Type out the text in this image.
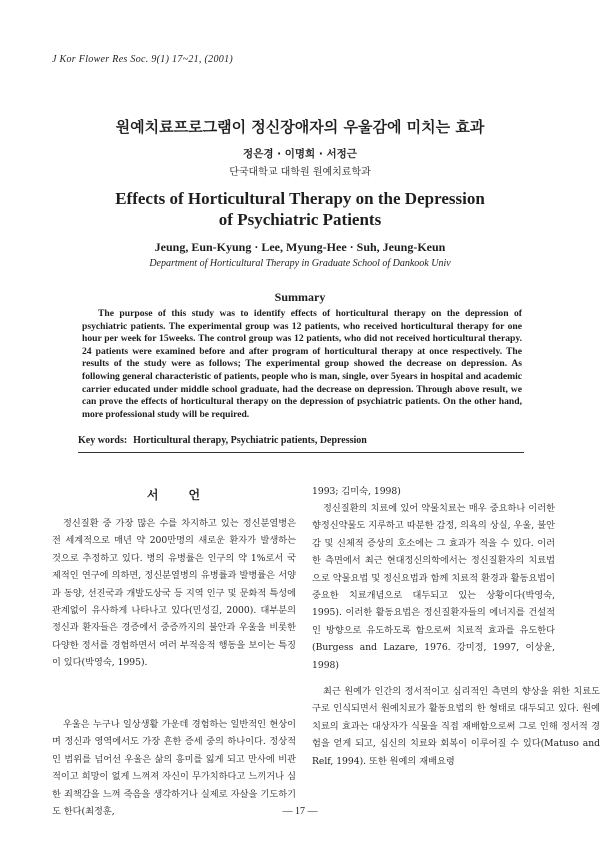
J Kor Flower Res Soc. 9(1) 17~21, (2001)
원예치료프로그램이 정신장애자의 우울감에 미치는 효과
정은경 · 이명희 · 서정근
단국대학교 대학원 원예치료학과
Effects of Horticultural Therapy on the Depression
of Psychiatric Patients
Jeung, Eun-Kyung · Lee, Myung-Hee · Suh, Jeung-Keun
Department of Horticultural Therapy in Graduate School of Dankook Univ
Summary

The purpose of this study was to identify effects of horticultural therapy on the depression of psychiatric patients. The experimental group was 12 patients, who received horticultural therapy for one hour per week for 15weeks. The control group was 12 patients, who did not received horticultural therapy. 24 patients were examined before and after program of horticultural therapy at once respectively. The results of the study were as follows; The experimental group showed the decrease on depression. As following general characteristic of patients, people who is man, single, over 5years in hospital and academic carrier educated under middle school graduate, had the decrease on depression. Through above result, we can prove the effects of horticultural therapy on the depression of psychiatric patients. On the other hand, more professional study will be required.

Key words: Horticultural therapy, Psychiatric patients, Depression
서언

정신질환 중 가장 많은 수를 차지하고 있는 정신분열병은 전 세계적으로 매년 약 200만명의 새로운 환자가 발생하는 것으로 추정하고 있다. 병의 유병률은 인구의 약 1%로서 국제적인 연구에 의하면, 정신분열병의 유병률과 발병률은 서양과 동양, 선진국과 개발도상국 등 지역 인구 및 문화적 특성에 관계없이 유사하게 나타나고 있다(민성길, 2000). 대부분의 정신과 환자들은 경증에서 중증까지의 불안과 우울을 비롯한 다양한 정서를 경험하면서 여러 부적응적 행동을 보이는 특징이 있다(박영숙, 1995).

우울은 누구나 일상생활 가운데 경험하는 일반적인 현상이며 정신과 영역에서도 가장 흔한 증세 중의 하나이다. 정상적인 범위를 넘어선 우울은 삶의 흥미를 잃게 되고 만사에 비관적이고 희망이 없게 느껴져 자신이 무가치하다고 느끼거나 심한 죄책감을 느껴 죽음을 생각하거나 실제로 자살을 기도하기도 한다(최정훈,

1993; 김미숙, 1998)

정신질환의 치료에 있어 약물치료는 매우 중요하나 이러한 향정신약물도 지루하고 따분한 감정, 의욕의 상실, 우울, 불안감 및 신체적 증상의 호소에는 그 효과가 적을 수 있다. 이러한 측면에서 최근 현대정신의학에서는 정신질환자의 치료법으로 약물요법 및 정신요법과 함께 치료적 환경과 활동요법이 중요한 치료개념으로 대두되고 있는 상황이다(박영숙, 1995). 이러한 활동요법은 정신질환자들의 에너지를 건설적인 방향으로 유도하도록 함으로써 치료적 효과를 유도한다(Burgess and Lazare, 1976. 강미정, 1997, 이상윤, 1998)

최근 원예가 인간의 정서적이고 심리적인 측면의 향상을 위한 치료도구로 인식되면서 원예치료가 활동요법의 한 형태로 대두되고 있다. 원예치료의 효과는 대상자가 식물을 직접 재배함으로써 그로 인해 정서적 경험을 얻게 되고, 심신의 치료와 회복이 이루어질 수 있다(Matuso and Relf, 1994). 또한 원예의 재배요령

— 17 —
